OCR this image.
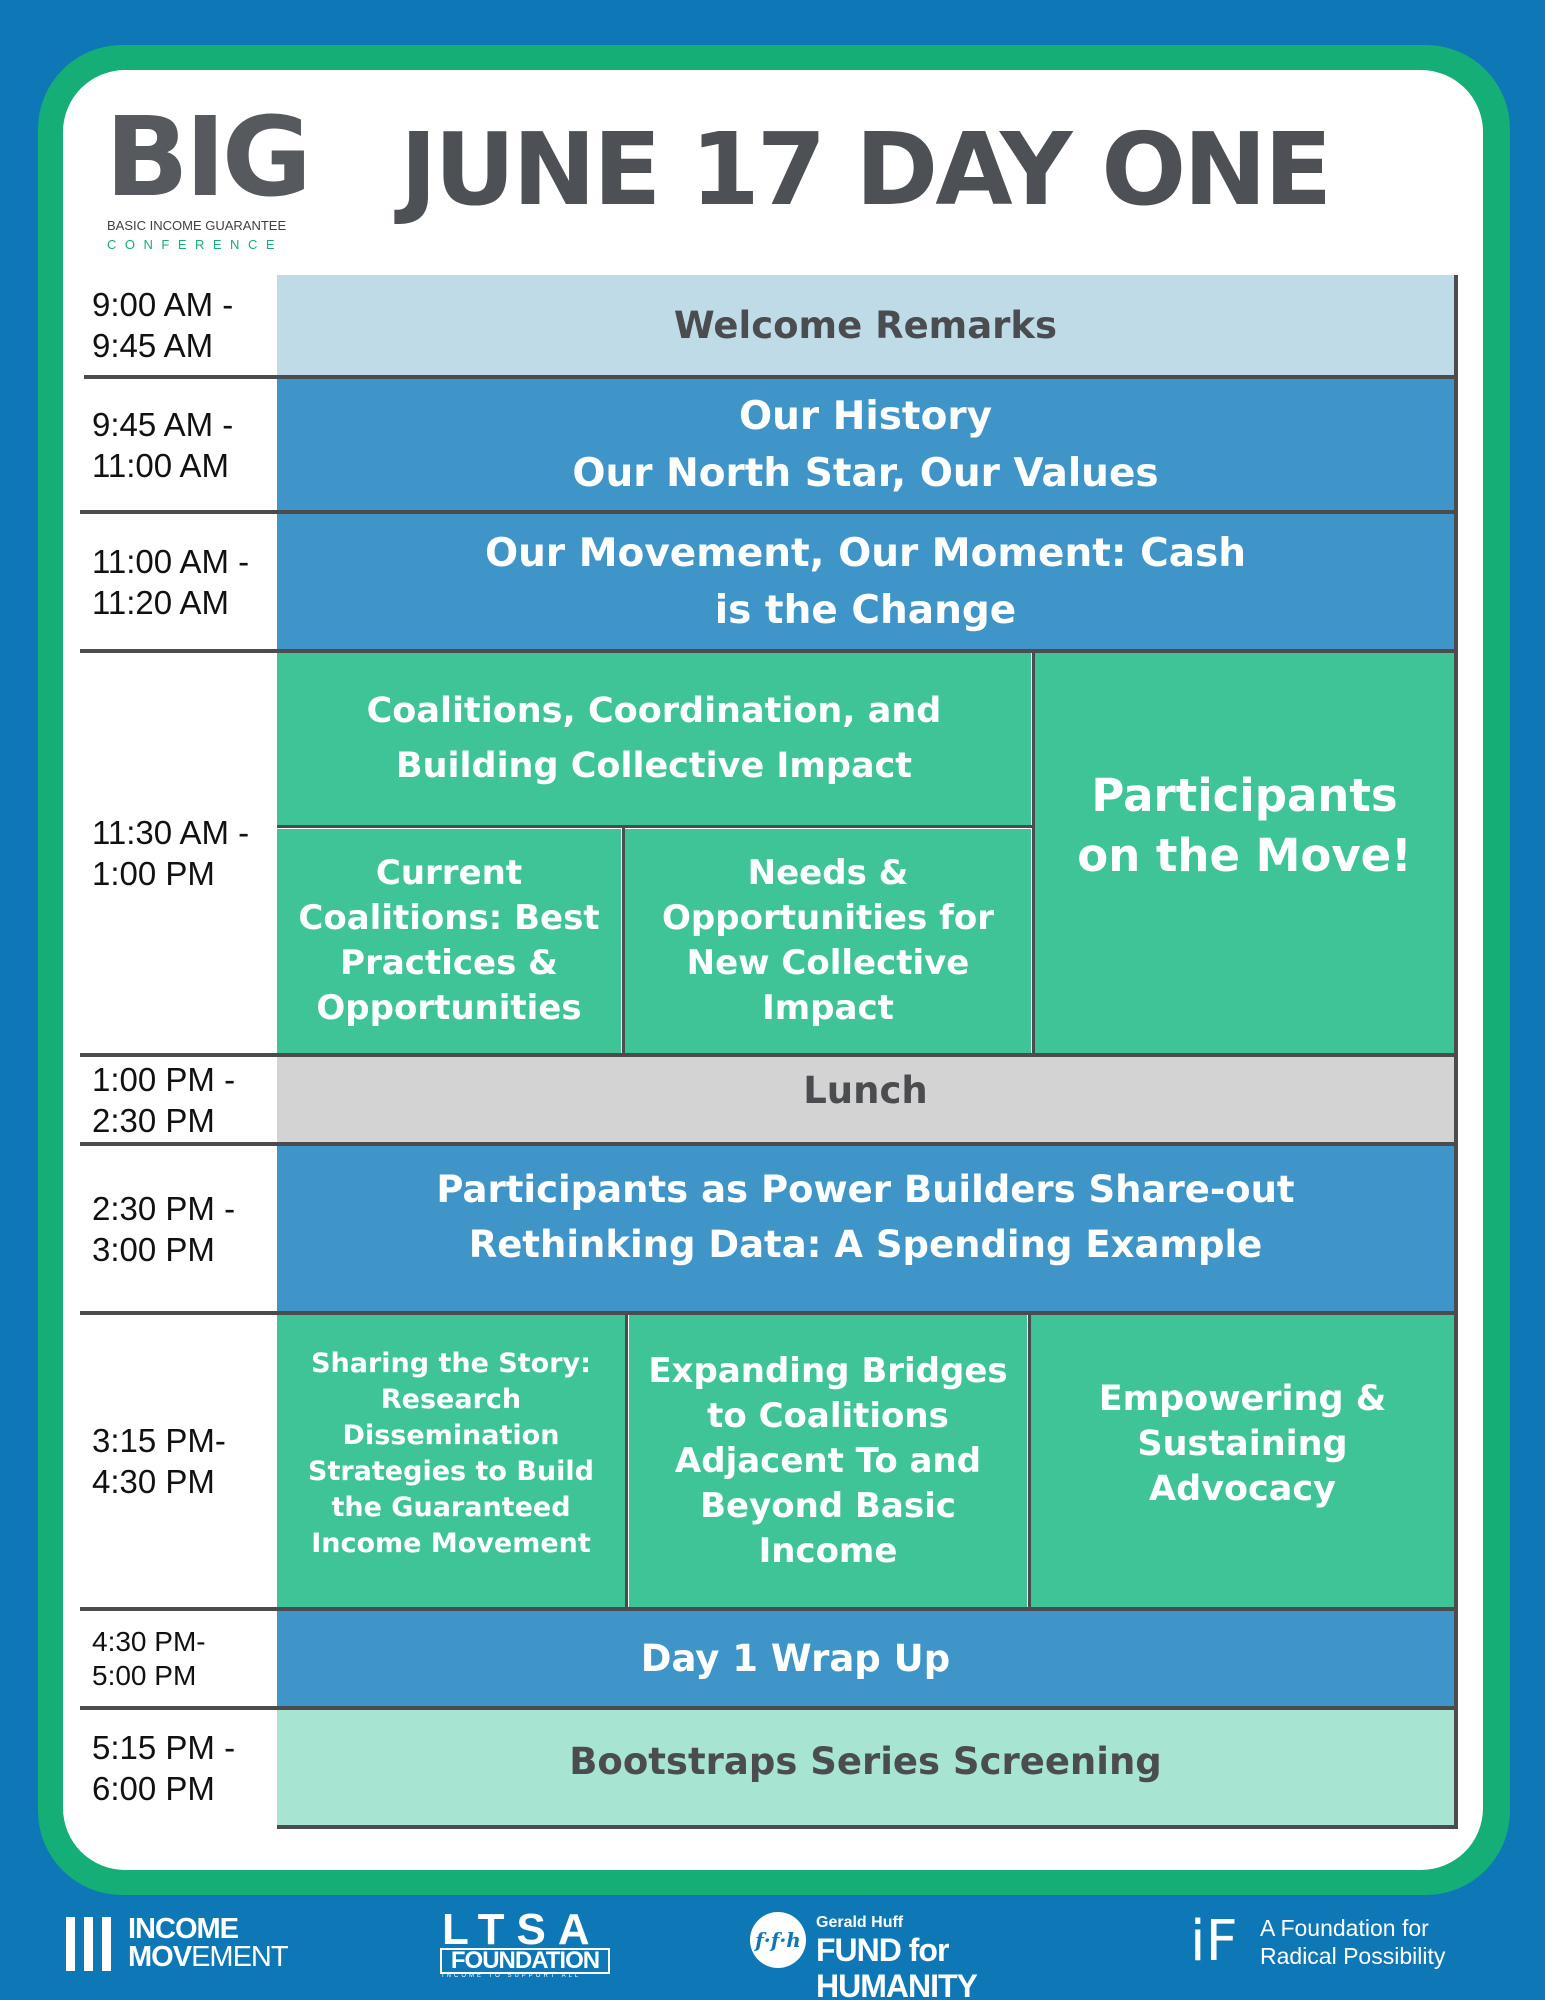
BIG
BASIC INCOME GUARANTEE
CONFERENCE
JUNE 17 DAY ONE
9:00 AM -
9:45 AM	Welcome Remarks
9:45 AM -
11:00 AM
Our History
Our North Star, Our Values
11:00 AM -
11:20 AM
Our Movement, Our Moment: Cash
is the Change
11:30 AM -
1:00 PM
Coalitions, Coordination, and
Building Collective Impact
Current
Coalitions: Best
Practices &
Opportunities
Needs &
Opportunities for
New Collective
Impact
Participants
on the Move!
1:00 PM -
2:30 PM
Lunch
2:30 PM -
3:00 PM
Participants as Power Builders Share-out
Rethinking Data: A Spending Example
3:15 PM-
4:30 PM
Sharing the Story:
Research
Dissemination
Strategies to Build
the Guaranteed
Income Movement
Expanding Bridges
to Coalitions
Adjacent To and
Beyond Basic
Income
Empowering &
Sustaining
Advocacy
4:30 PM-
5:00 PM	Day 1 Wrap Up
5:15 PM -
6:00 PM
Bootstraps Series Screening
INCOME
MOVEMENT
LTSA
FOUNDATION
INCOME TO SUPPORT ALL
f·f·h
Gerald Huff
FUND for HUMANITY
iF A Foundation for
Radical Possibility
